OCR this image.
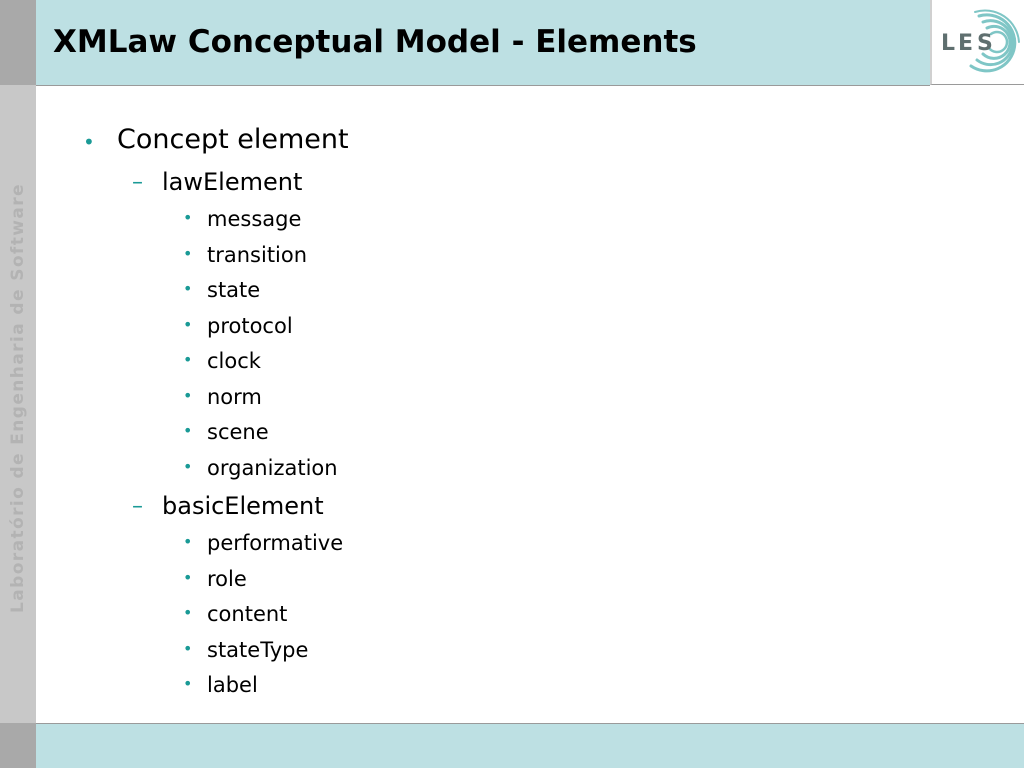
Laboratório de Engenharia de Software
XMLaw Conceptual Model - Elements	L E S
• Concept element
– lawElement
• message
• transition
• state
• protocol
• clock
• norm
• scene
• organization
– basicElement
• performative
• role
• content
• stateType
• label
